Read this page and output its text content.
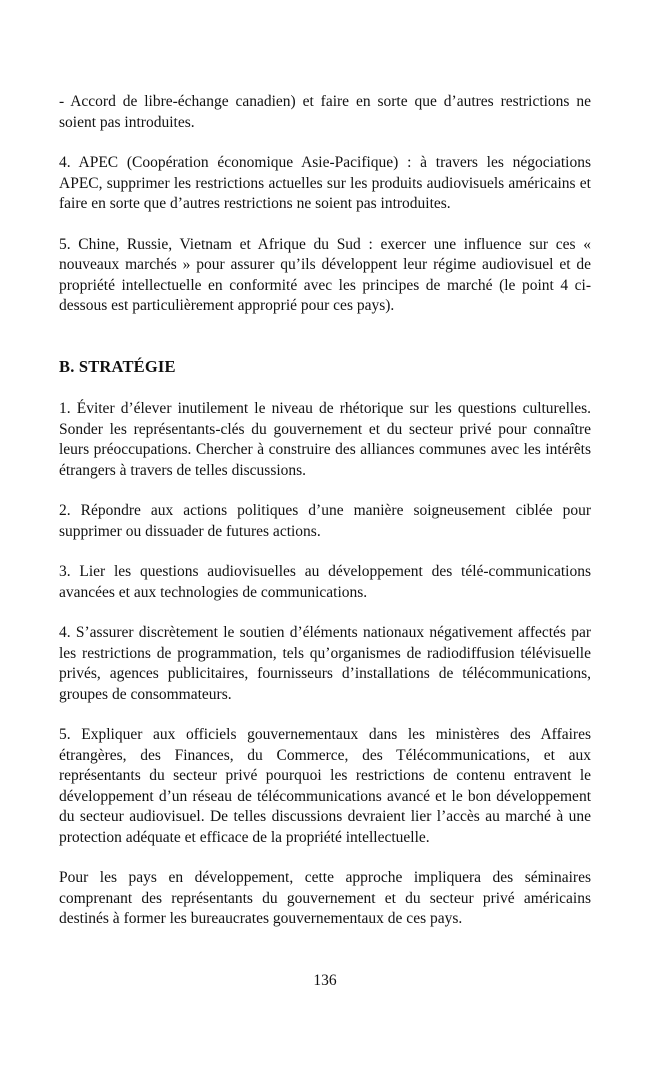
- Accord de libre-échange canadien) et faire en sorte que d’autres restrictions ne soient pas introduites.

4. APEC (Coopération économique Asie-Pacifique) : à travers les négociations APEC, supprimer les restrictions actuelles sur les produits audiovisuels américains et faire en sorte que d’autres restrictions ne soient pas introduites.

5. Chine, Russie, Vietnam et Afrique du Sud : exercer une influence sur ces « nouveaux marchés » pour assurer qu’ils développent leur régime audiovisuel et de propriété intellectuelle en conformité avec les principes de marché (le point 4 ci-dessous est particulièrement approprié pour ces pays).

B. STRATÉGIE

1. Éviter d’élever inutilement le niveau de rhétorique sur les questions culturelles. Sonder les représentants-clés du gouvernement et du secteur privé pour connaître leurs préoccupations. Chercher à construire des alliances communes avec les intérêts étrangers à travers de telles discussions.

2. Répondre aux actions politiques d’une manière soigneusement ciblée pour supprimer ou dissuader de futures actions.

3. Lier les questions audiovisuelles au développement des télé-communications avancées et aux technologies de communications.

4. S’assurer discrètement le soutien d’éléments nationaux négativement affectés par les restrictions de programmation, tels qu’organismes de radiodiffusion télévisuelle privés, agences publicitaires, fournisseurs d’installations de télécommunications, groupes de consommateurs.

5. Expliquer aux officiels gouvernementaux dans les ministères des Affaires étrangères, des Finances, du Commerce, des Télécommunications, et aux représentants du secteur privé pourquoi les restrictions de contenu entravent le développement d’un réseau de télécommunications avancé et le bon développement du secteur audiovisuel. De telles discussions devraient lier l’accès au marché à une protection adéquate et efficace de la propriété intellectuelle.

Pour les pays en développement, cette approche impliquera des séminaires comprenant des représentants du gouvernement et du secteur privé américains destinés à former les bureaucrates gouvernementaux de ces pays.

136
